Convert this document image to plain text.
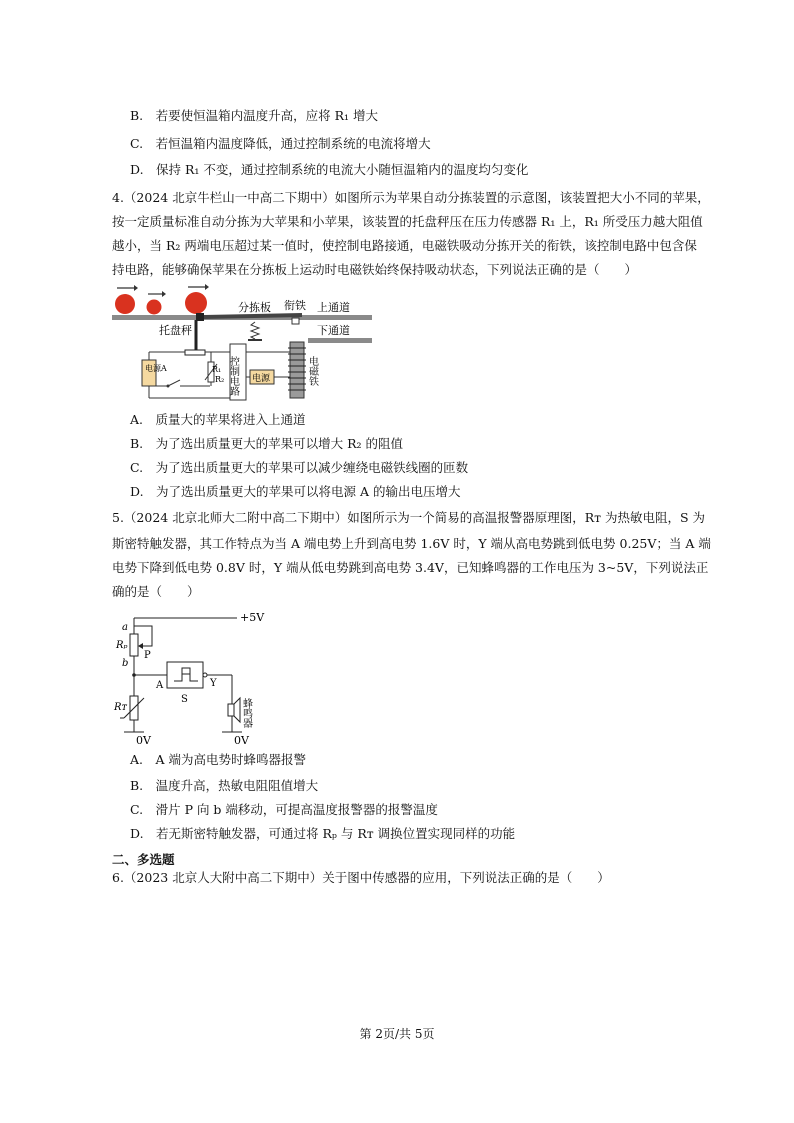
B.　若要使恒温箱内温度升高，应将 R₁ 增大
C.　若恒温箱内温度降低，通过控制系统的电流将增大
D.　保持 R₁ 不变，通过控制系统的电流大小随恒温箱内的温度均匀变化
4.（2024 北京牛栏山一中高二下期中）如图所示为苹果自动分拣装置的示意图，该装置把大小不同的苹果，
按一定质量标准自动分拣为大苹果和小苹果，该装置的托盘秤压在压力传感器 R₁ 上，R₁ 所受压力越大阻值
越小，当 R₂ 两端电压超过某一值时，使控制电路接通，电磁铁吸动分拣开关的衔铁，该控制电路中包含保
持电路，能够确保苹果在分拣板上运动时电磁铁始终保持吸动状态，下列说法正确的是（　　）
分拣板 衔铁 上通道
下通道
托盘秤
电源A	R₁
R₂ 控制电路 电源	电磁铁
A.　质量大的苹果将进入上通道
B.　为了选出质量更大的苹果可以增大 R₂ 的阻值
C.　为了选出质量更大的苹果可以减少缠绕电磁铁线圈的匝数
D.　为了选出质量更大的苹果可以将电源 A 的输出电压增大
5.（2024 北京北师大二附中高二下期中）如图所示为一个简易的高温报警器原理图，Rᴛ 为热敏电阻，S 为
斯密特触发器，其工作特点为当 A 端电势上升到高电势 1.6V 时，Y 端从高电势跳到低电势 0.25V；当 A 端
电势下降到低电势 0.8V 时，Y 端从低电势跳到高电势 3.4V，已知蜂鸣器的工作电压为 3~5V，下列说法正
确的是（　　）
+5V
a
P
Rₚ
b
A
S
Y
蜂鸣器
0V
Rᴛ
0V
A.　A 端为高电势时蜂鸣器报警
B.　温度升高，热敏电阻阻值增大
C.　滑片 P 向 b 端移动，可提高温度报警器的报警温度
D.　若无斯密特触发器，可通过将 Rₚ 与 Rᴛ 调换位置实现同样的功能
二、多选题
6.（2023 北京人大附中高二下期中）关于图中传感器的应用，下列说法正确的是（　　）
第 2页/共 5页
